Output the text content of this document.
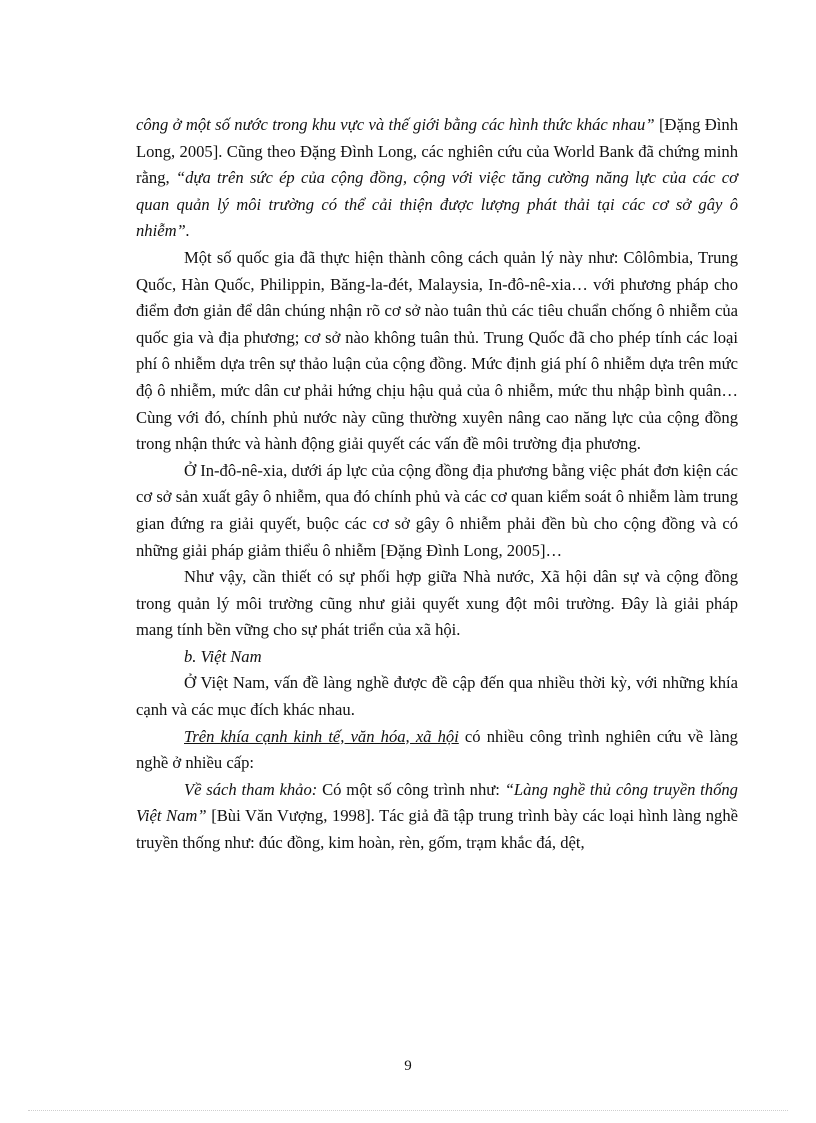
công ở một số nước trong khu vực và thế giới bằng các hình thức khác nhau” [Đặng Đình Long, 2005]. Cũng theo Đặng Đình Long, các nghiên cứu của World Bank đã chứng minh rằng, “dựa trên sức ép của cộng đồng, cộng với việc tăng cường năng lực của các cơ quan quản lý môi trường có thể cải thiện được lượng phát thải tại các cơ sở gây ô nhiễm”.

Một số quốc gia đã thực hiện thành công cách quản lý này như: Côlômbia, Trung Quốc, Hàn Quốc, Philippin, Băng-la-đét, Malaysia, In-đô-nê-xia… với phương pháp cho điểm đơn giản để dân chúng nhận rõ cơ sở nào tuân thủ các tiêu chuẩn chống ô nhiễm của quốc gia và địa phương; cơ sở nào không tuân thủ. Trung Quốc đã cho phép tính các loại phí ô nhiễm dựa trên sự thảo luận của cộng đồng. Mức định giá phí ô nhiễm dựa trên mức độ ô nhiễm, mức dân cư phải hứng chịu hậu quả của ô nhiễm, mức thu nhập bình quân… Cùng với đó, chính phủ nước này cũng thường xuyên nâng cao năng lực của cộng đồng trong nhận thức và hành động giải quyết các vấn đề môi trường địa phương.

Ở In-đô-nê-xia, dưới áp lực của cộng đồng địa phương bằng việc phát đơn kiện các cơ sở sản xuất gây ô nhiễm, qua đó chính phủ và các cơ quan kiểm soát ô nhiễm làm trung gian đứng ra giải quyết, buộc các cơ sở gây ô nhiễm phải đền bù cho cộng đồng và có những giải pháp giảm thiểu ô nhiễm [Đặng Đình Long, 2005]…

Như vậy, cần thiết có sự phối hợp giữa Nhà nước, Xã hội dân sự và cộng đồng trong quản lý môi trường cũng như giải quyết xung đột môi trường. Đây là giải pháp mang tính bền vững cho sự phát triển của xã hội.

b. Việt Nam

Ở Việt Nam, vấn đề làng nghề được đề cập đến qua nhiều thời kỳ, với những khía cạnh và các mục đích khác nhau.

Trên khía cạnh kinh tế, văn hóa, xã hội có nhiều công trình nghiên cứu về làng nghề ở nhiều cấp:

Về sách tham khảo: Có một số công trình như: “Làng nghề thủ công truyền thống Việt Nam” [Bùi Văn Vượng, 1998]. Tác giả đã tập trung trình bày các loại hình làng nghề truyền thống như: đúc đồng, kim hoàn, rèn, gốm, trạm khắc đá, dệt,

9
